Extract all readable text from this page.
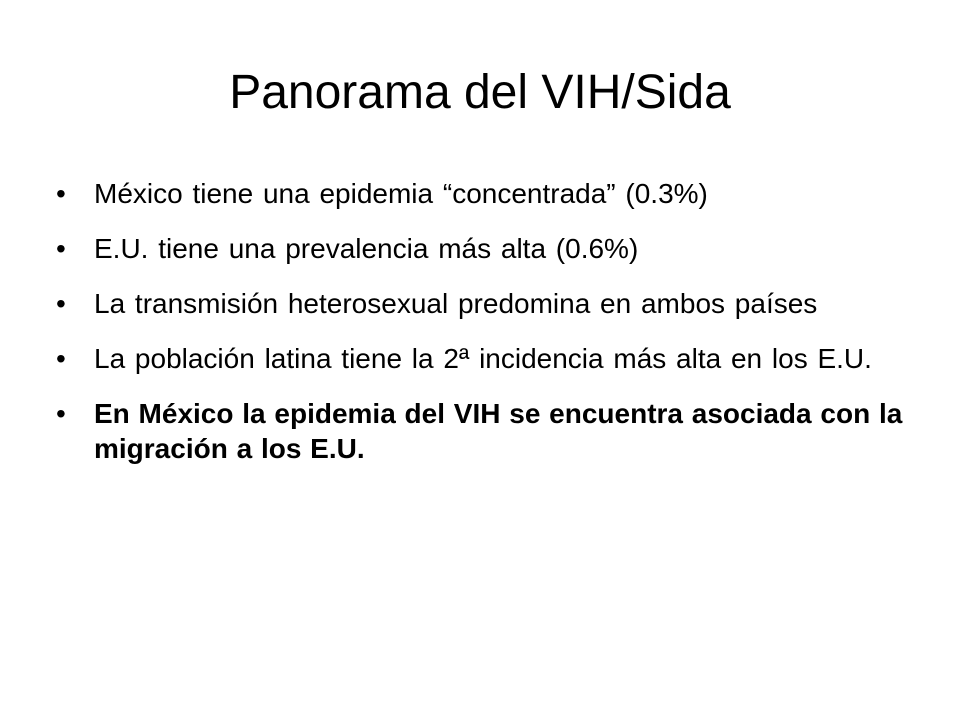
Panorama del VIH/Sida
•	México tiene una epidemia “concentrada” (0.3%)
•	E.U. tiene una prevalencia más alta (0.6%)
•	La transmisión heterosexual predomina en ambos países
•	La población latina tiene la 2ª incidencia más alta en los E.U.
•	En México la epidemia del VIH se encuentra asociada con la migración a los E.U.
